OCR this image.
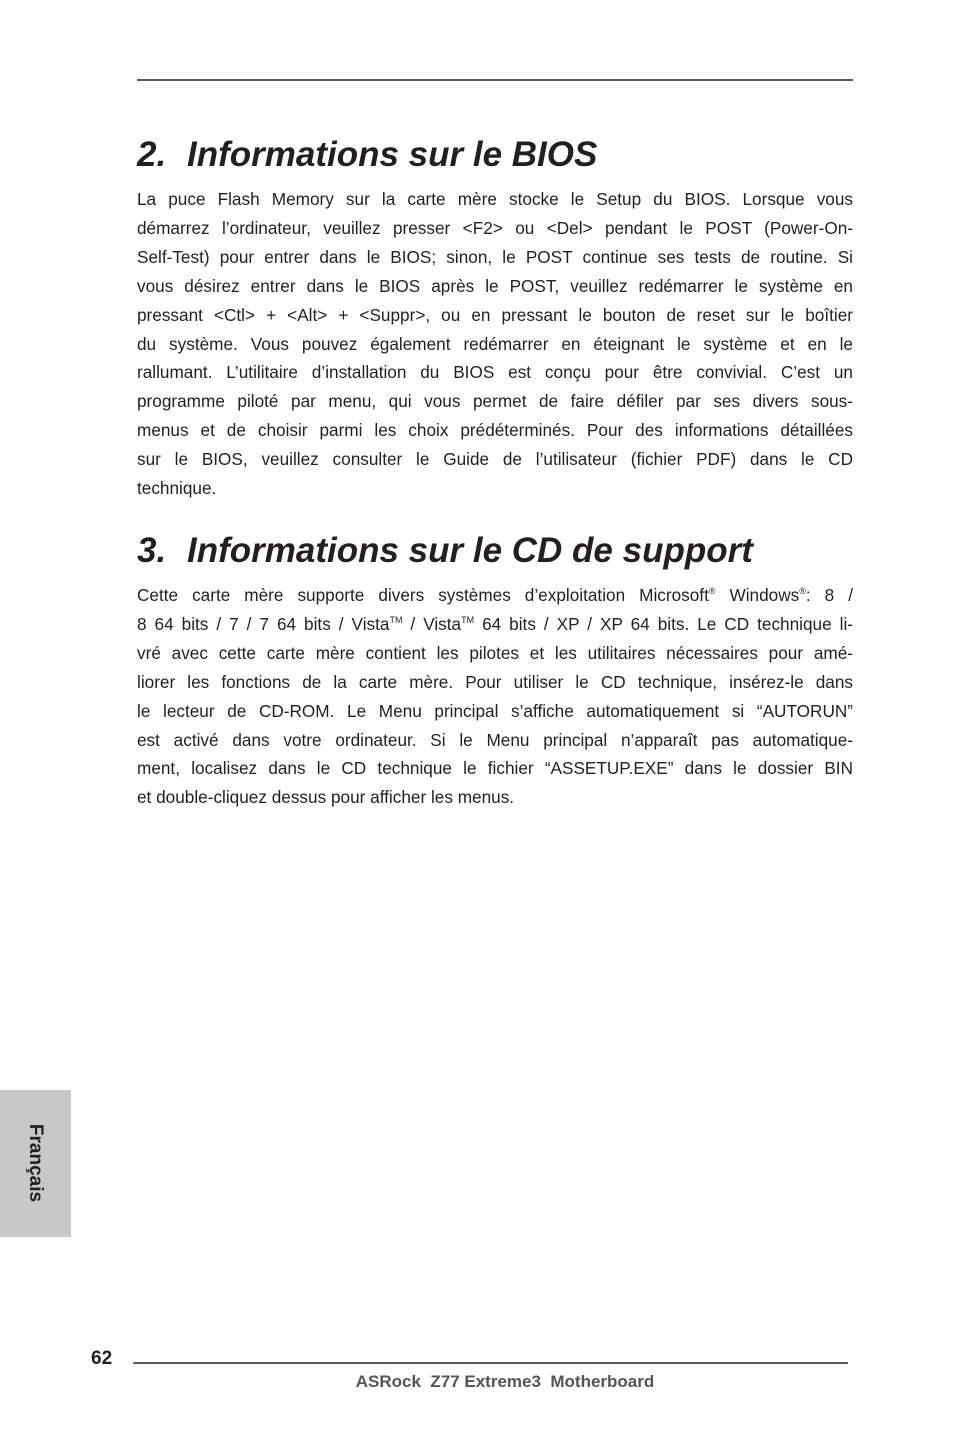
2. Informations sur le BIOS
La puce Flash Memory sur la carte mère stocke le Setup du BIOS. Lorsque vous
démarrez l’ordinateur, veuillez presser <F2> ou <Del> pendant le POST (Power-On-
Self-Test) pour entrer dans le BIOS; sinon, le POST continue ses tests de routine. Si
vous désirez entrer dans le BIOS après le POST, veuillez redémarrer le système en
pressant <Ctl> + <Alt> + <Suppr>, ou en pressant le bouton de reset sur le boîtier
du système. Vous pouvez également redémarrer en éteignant le système et en le
rallumant. L’utilitaire d’installation du BIOS est conçu pour être convivial. C’est un
programme piloté par menu, qui vous permet de faire défiler par ses divers sous-
menus et de choisir parmi les choix prédéterminés. Pour des informations détaillées
sur le BIOS, veuillez consulter le Guide de l’utilisateur (fichier PDF) dans le CD
technique.
3. Informations sur le CD de support
Cette carte mère supporte divers systèmes d’exploitation Microsoft® Windows®: 8 /
8 64 bits / 7 / 7 64 bits / Vista™ / Vista™ 64 bits / XP / XP 64 bits. Le CD technique li-
vré avec cette carte mère contient les pilotes et les utilitaires nécessaires pour amé-
liorer les fonctions de la carte mère. Pour utiliser le CD technique, insérez-le dans
le lecteur de CD-ROM. Le Menu principal s’affiche automatiquement si “AUTORUN”
est activé dans votre ordinateur. Si le Menu principal n’apparaît pas automatique-
ment, localisez dans le CD technique le fichier “ASSETUP.EXE” dans le dossier BIN
et double-cliquez dessus pour afficher les menus.
Français
62
ASRock  Z77 Extreme3  Motherboard
